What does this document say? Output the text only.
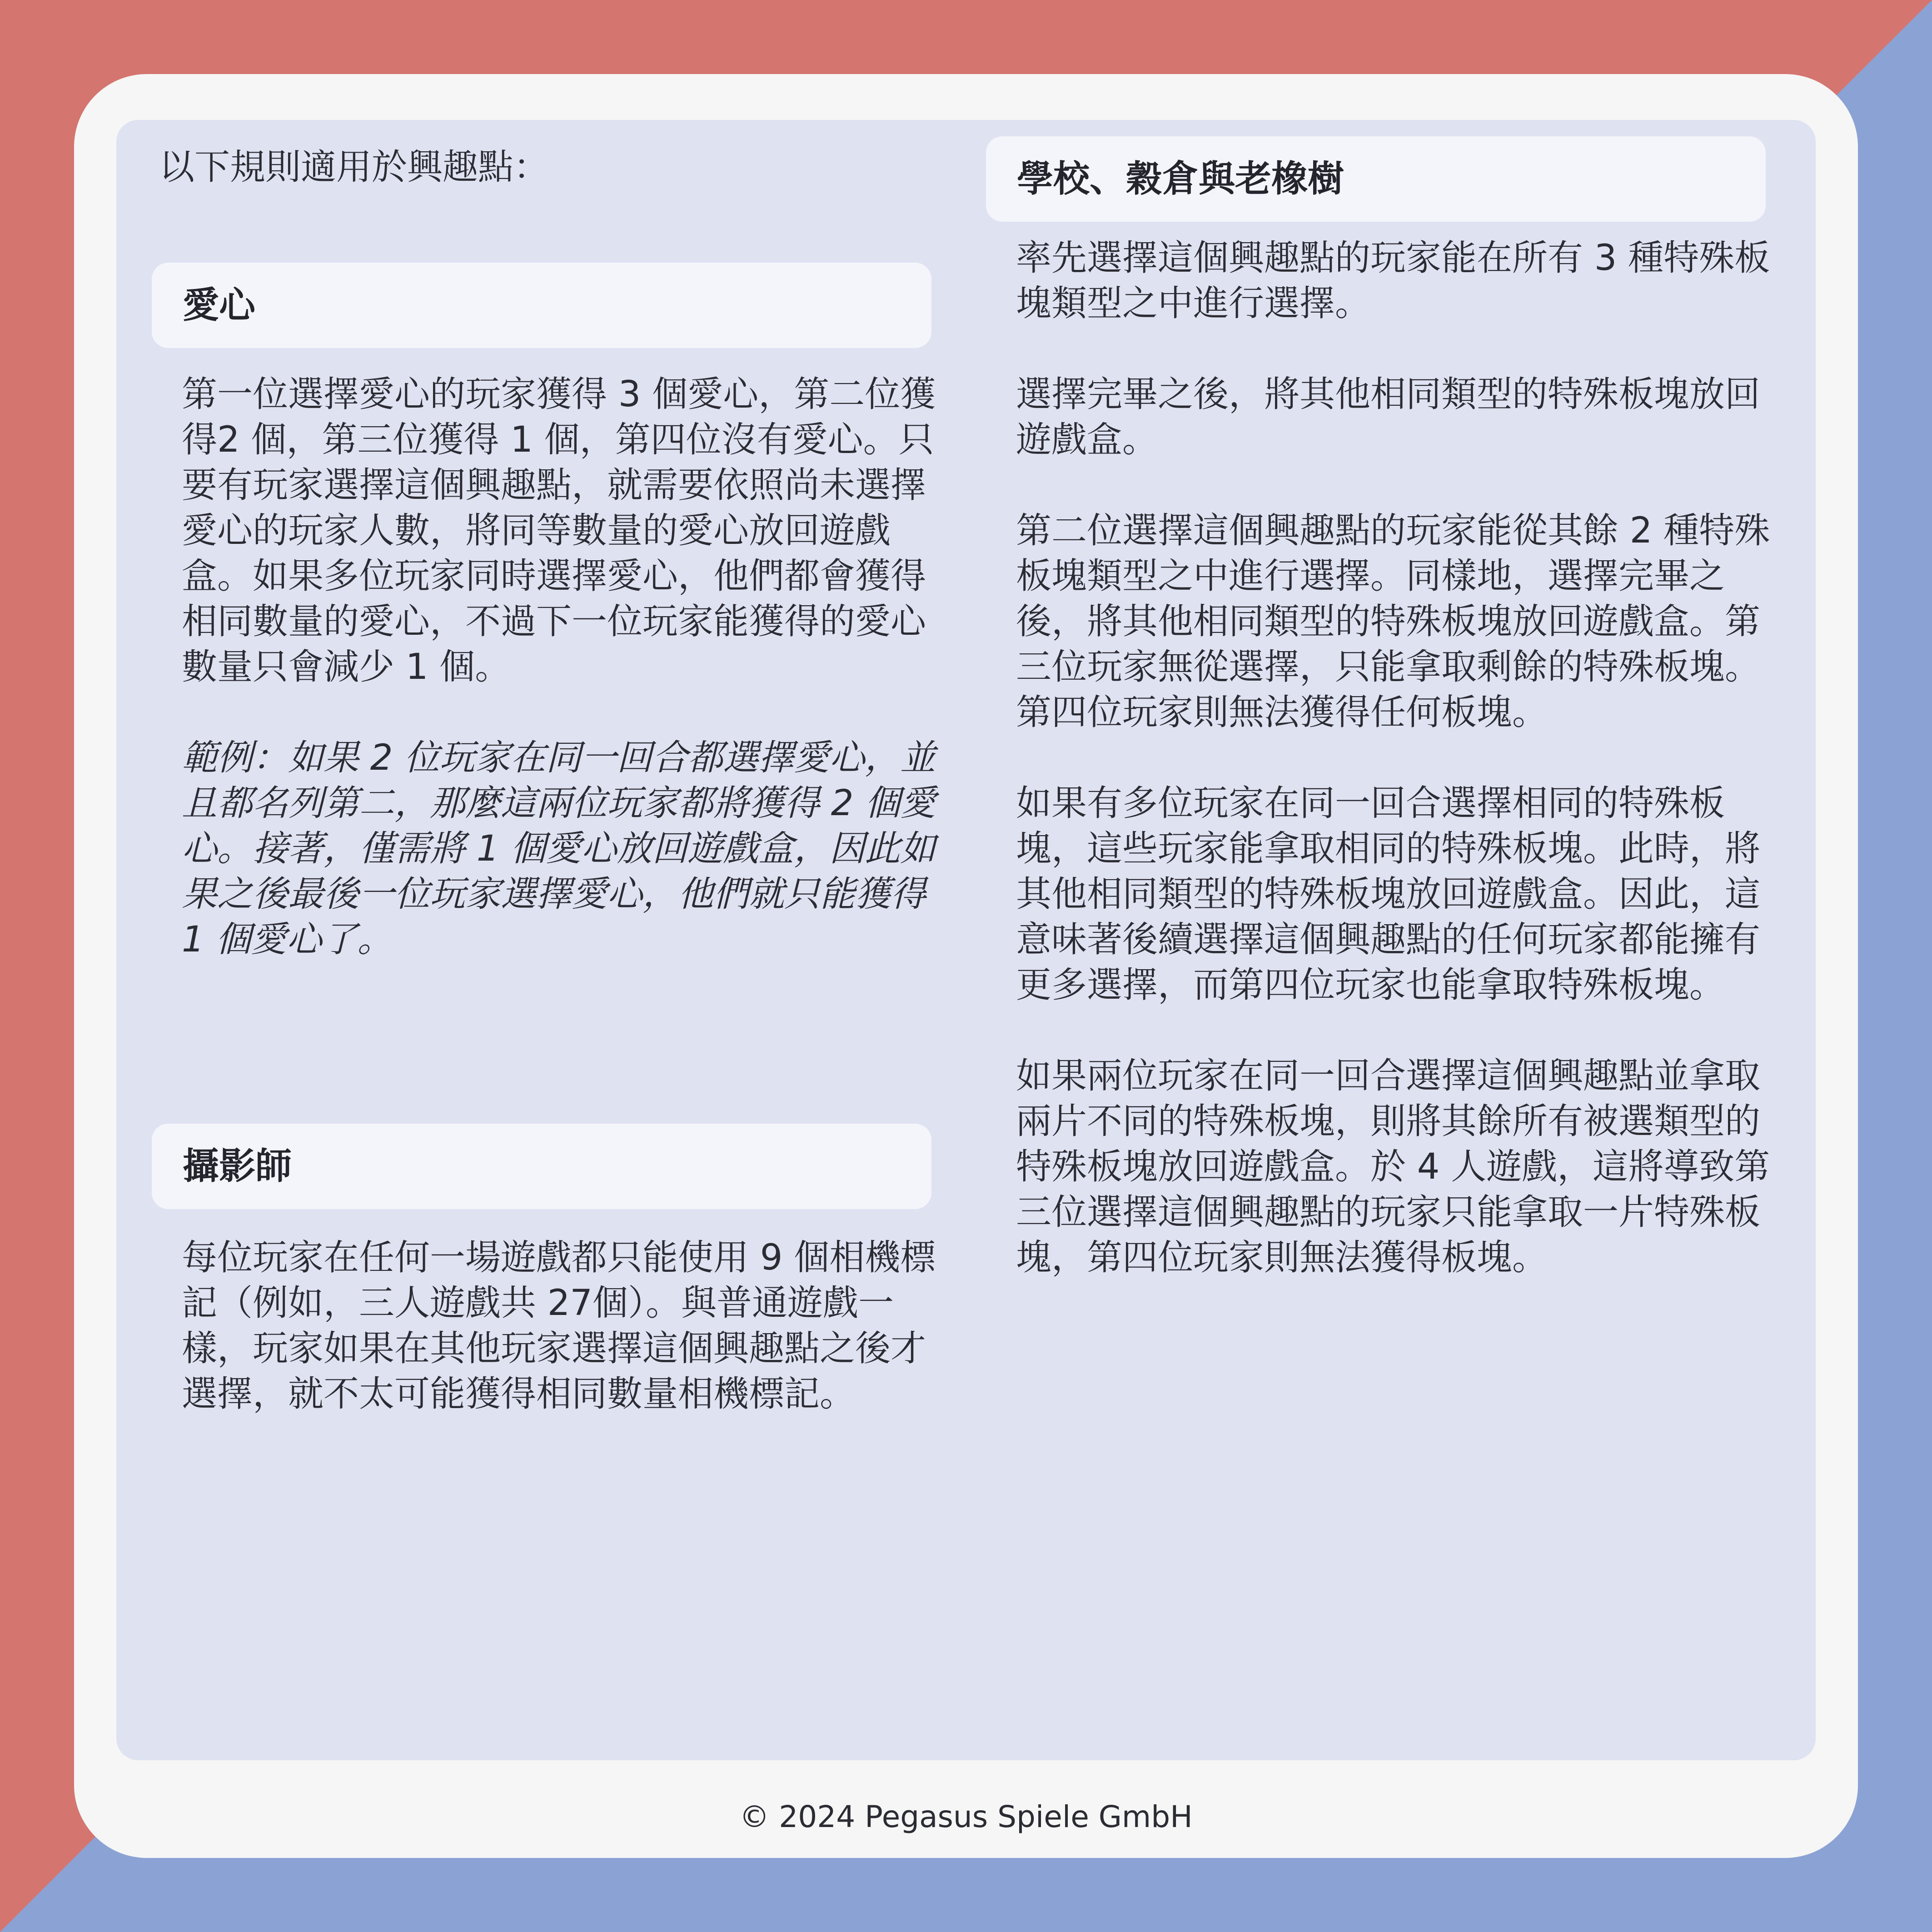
以下規則適用於興趣點：

愛心

第一位選擇愛心的玩家獲得 3 個愛心，第二位獲得2 個，第三位獲得 1 個，第四位沒有愛心。只要有玩家選擇這個興趣點，就需要依照尚未選擇愛心的玩家人數，將同等數量的愛心放回遊戲盒。如果多位玩家同時選擇愛心，他們都會獲得相同數量的愛心，不過下一位玩家能獲得的愛心數量只會減少 1 個。

範例：如果 2 位玩家在同一回合都選擇愛心，並且都名列第二，那麼這兩位玩家都將獲得 2 個愛心。接著，僅需將 1 個愛心放回遊戲盒，因此如果之後最後一位玩家選擇愛心，他們就只能獲得 1 個愛心了。

攝影師

每位玩家在任何一場遊戲都只能使用 9 個相機標記（例如，三人遊戲共 27個）。與普通遊戲一樣，玩家如果在其他玩家選擇這個興趣點之後才選擇，就不太可能獲得相同數量相機標記。

學校、穀倉與老橡樹

率先選擇這個興趣點的玩家能在所有 3 種特殊板塊類型之中進行選擇。

選擇完畢之後，將其他相同類型的特殊板塊放回遊戲盒。

第二位選擇這個興趣點的玩家能從其餘 2 種特殊板塊類型之中進行選擇。同樣地，選擇完畢之後，將其他相同類型的特殊板塊放回遊戲盒。第三位玩家無從選擇，只能拿取剩餘的特殊板塊。第四位玩家則無法獲得任何板塊。

如果有多位玩家在同一回合選擇相同的特殊板塊，這些玩家能拿取相同的特殊板塊。此時，將其他相同類型的特殊板塊放回遊戲盒。因此，這意味著後續選擇這個興趣點的任何玩家都能擁有更多選擇，而第四位玩家也能拿取特殊板塊。

如果兩位玩家在同一回合選擇這個興趣點並拿取兩片不同的特殊板塊，則將其餘所有被選類型的特殊板塊放回遊戲盒。於 4 人遊戲，這將導致第三位選擇這個興趣點的玩家只能拿取一片特殊板塊，第四位玩家則無法獲得板塊。

© 2024 Pegasus Spiele GmbH
